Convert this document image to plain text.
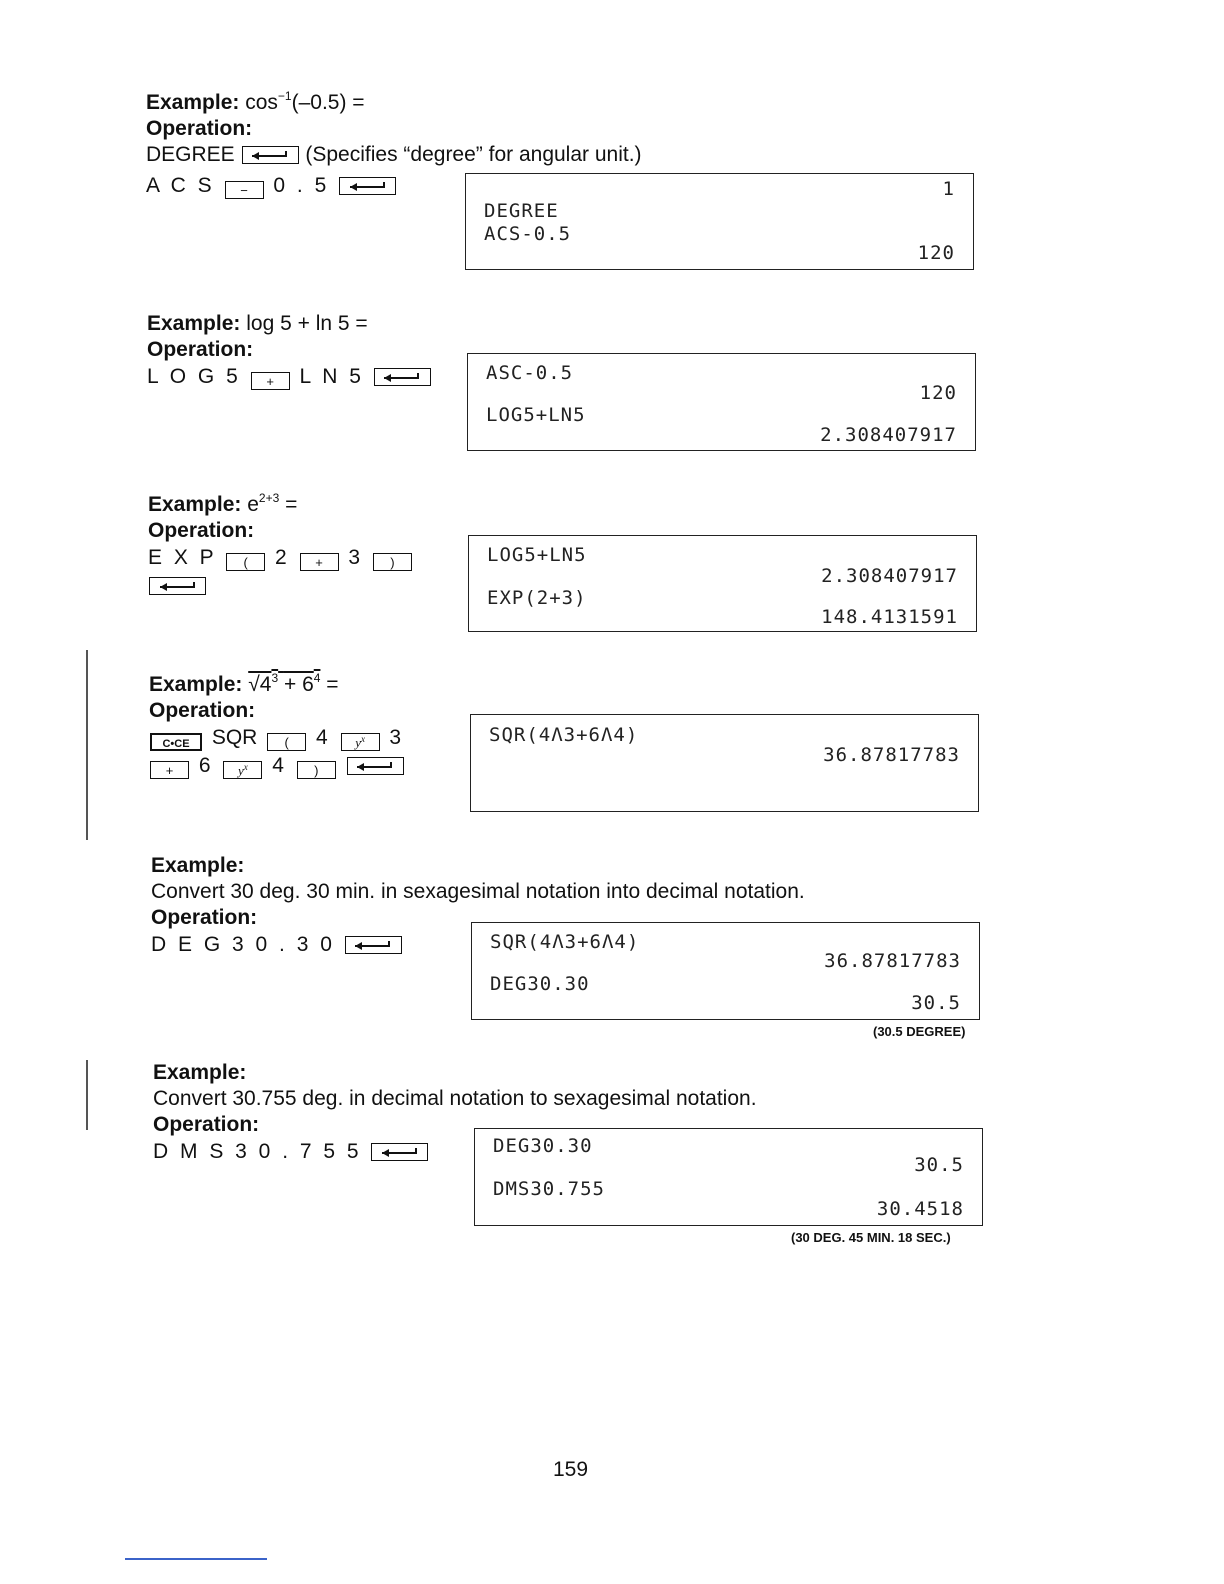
Example: $\cos^{-1}(-0.5)$ =
Operation:
DEGREE	(Specifies “degree” for angular unit.)
A C S − 0 . 5	1
DEGREE
ACS-0.5
120
Example: log 5 + ln 5 =
Operation:
L O G 5 + L N 5	ASC-0.5
120
LOG5+LN5
2.308407917
Example: $e^{2+3}$ =
Operation:
E X P ( 2 + 3 )	LOG5+LN5
2.308407917
EXP(2+3)
148.4131591
Example: $√4^3 + 6^4$ =
Operation:
C•CE SQR ( 4 $y^x$ 3
+ 6 $y^x$ 4 )
SQR(4Λ3+6Λ4)
36.87817783
Example:
Convert 30 deg. 30 min. in sexagesimal notation into decimal notation.
Operation:
D E G 3 0 . 3 0	SQR(4Λ3+6Λ4)
36.87817783
DEG30.30
30.5
(30.5 DEGREE)
Example:
Convert 30.755 deg. in decimal notation to sexagesimal notation.
Operation:
D M S 3 0 . 7 5 5	DEG30.30
30.5
DMS30.755
30.4518
(30 DEG. 45 MIN. 18 SEC.)
159
